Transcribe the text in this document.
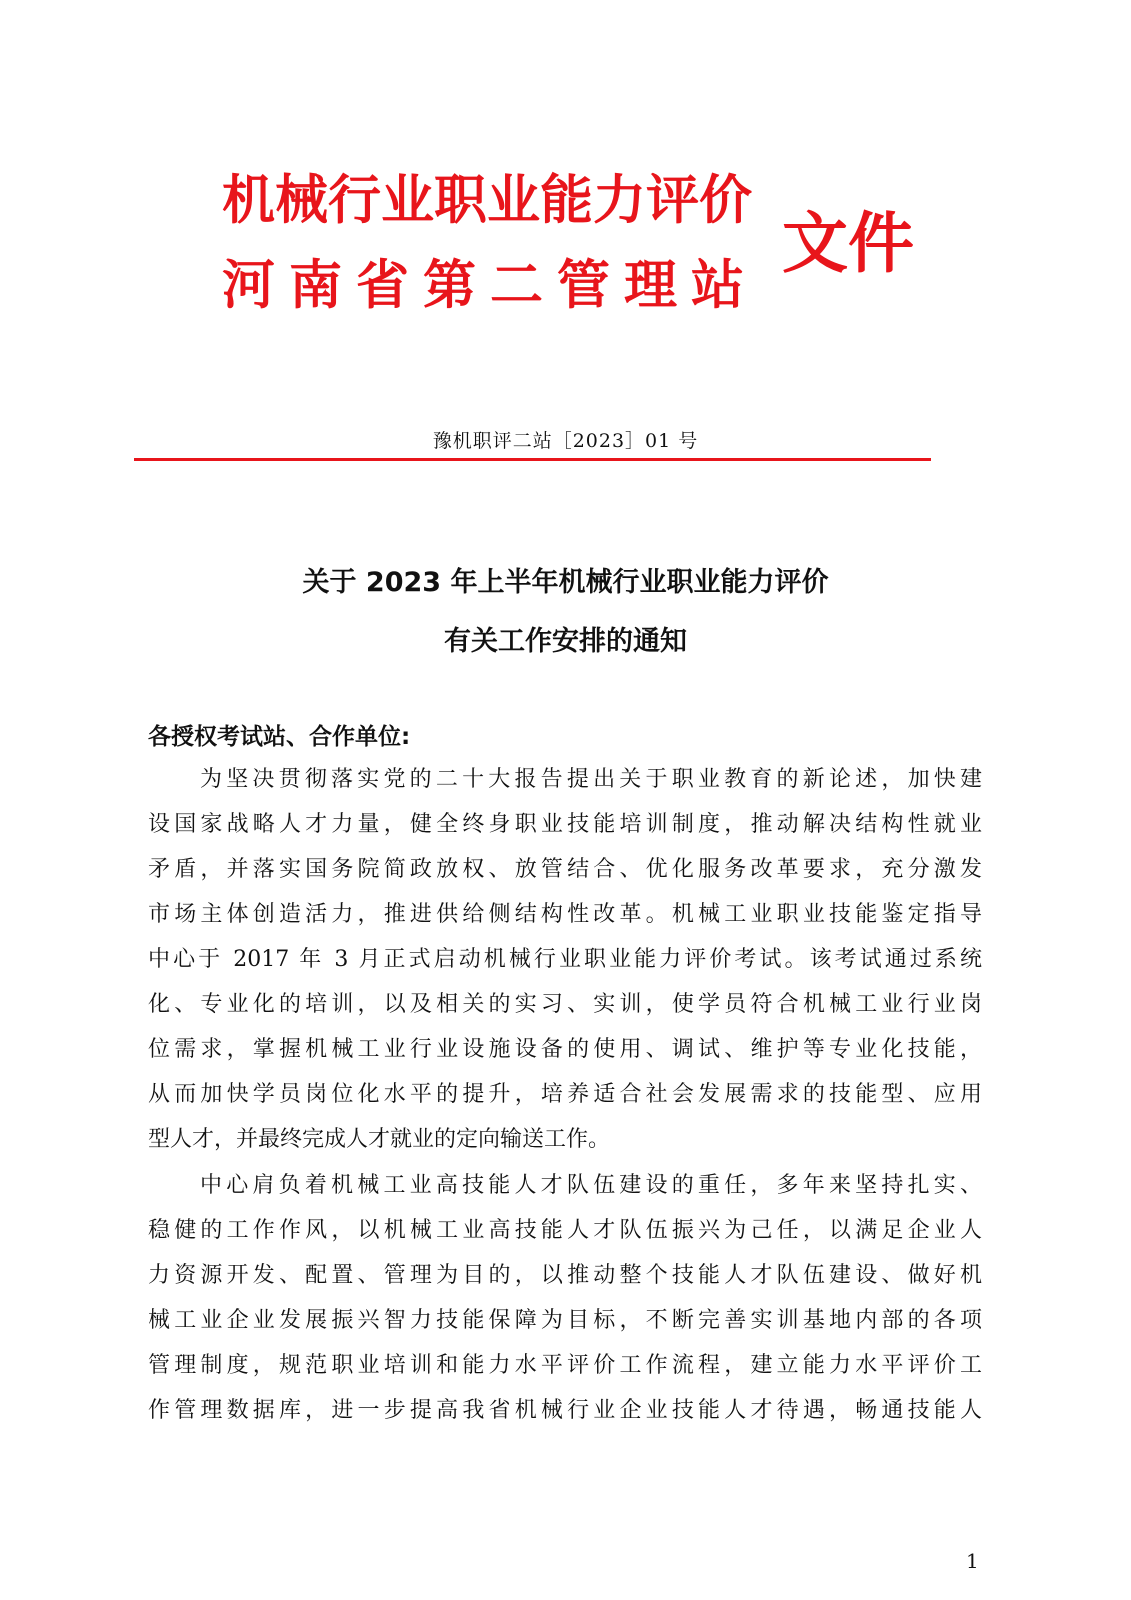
机械行业职业能力评价
河南省第二管理站
文件
豫机职评二站［2023］01 号
关于 2023 年上半年机械行业职业能力评价
有关工作安排的通知
各授权考试站、合作单位:
为坚决贯彻落实党的二十大报告提出关于职业教育的新论述，加快建
设国家战略人才力量，健全终身职业技能培训制度，推动解决结构性就业
矛盾，并落实国务院简政放权、放管结合、优化服务改革要求，充分激发
市场主体创造活力，推进供给侧结构性改革。机械工业职业技能鉴定指导
中心于 2017 年 3 月正式启动机械行业职业能力评价考试。该考试通过系统
化、专业化的培训，以及相关的实习、实训，使学员符合机械工业行业岗
位需求，掌握机械工业行业设施设备的使用、调试、维护等专业化技能，
从而加快学员岗位化水平的提升，培养适合社会发展需求的技能型、应用
型人才，并最终完成人才就业的定向输送工作。
中心肩负着机械工业高技能人才队伍建设的重任，多年来坚持扎实、
稳健的工作作风，以机械工业高技能人才队伍振兴为己任，以满足企业人
力资源开发、配置、管理为目的，以推动整个技能人才队伍建设、做好机
械工业企业发展振兴智力技能保障为目标，不断完善实训基地内部的各项
管理制度，规范职业培训和能力水平评价工作流程，建立能力水平评价工
作管理数据库，进一步提高我省机械行业企业技能人才待遇，畅通技能人
1
